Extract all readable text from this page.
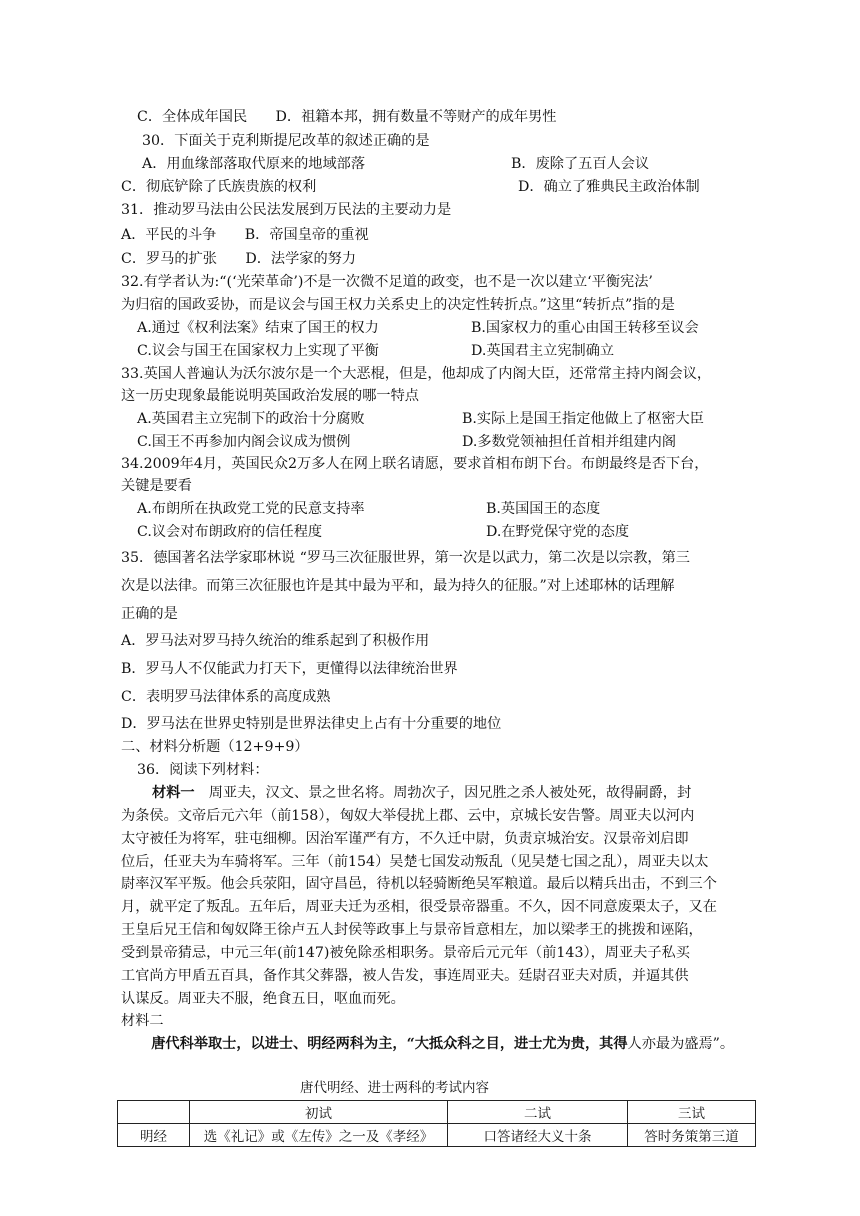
C．全体成年国民　　D．祖籍本邦，拥有数量不等财产的成年男性
30．下面关于克利斯提尼改革的叙述正确的是
A．用血缘部落取代原来的地域部落	B．废除了五百人会议
C．彻底铲除了氏族贵族的权利	D．确立了雅典民主政治体制
31．推动罗马法由公民法发展到万民法的主要动力是
A．平民的斗争　　B．帝国皇帝的重视
C．罗马的扩张　　D．法学家的努力
32.有学者认为:“(‘光荣革命’)不是一次微不足道的政变，也不是一次以建立‘平衡宪法’
为归宿的国政妥协，而是议会与国王权力关系史上的决定性转折点。”这里“转折点”指的是
A.通过《权利法案》结束了国王的权力	B.国家权力的重心由国王转移至议会
C.议会与国王在国家权力上实现了平衡	D.英国君主立宪制确立
33.英国人普遍认为沃尔波尔是一个大恶棍，但是，他却成了内阁大臣，还常常主持内阁会议，
这一历史现象最能说明英国政治发展的哪一特点
A.英国君主立宪制下的政治十分腐败	B.实际上是国王指定他做上了枢密大臣
C.国王不再参加内阁会议成为惯例	D.多数党领袖担任首相并组建内阁
34.2009年4月，英国民众2万多人在网上联名请愿，要求首相布朗下台。布朗最终是否下台，
关键是要看
A.布朗所在执政党工党的民意支持率	B.英国国王的态度
C.议会对布朗政府的信任程度	D.在野党保守党的态度
35．德国著名法学家耶林说 “罗马三次征服世界，第一次是以武力，第二次是以宗教，第三
次是以法律。而第三次征服也许是其中最为平和，最为持久的征服。”对上述耶林的话理解
正确的是
A．罗马法对罗马持久统治的维系起到了积极作用
B．罗马人不仅能武力打天下，更懂得以法律统治世界
C．表明罗马法律体系的高度成熟
D．罗马法在世界史特别是世界法律史上占有十分重要的地位
二、材料分析题（12+9+9）
36．阅读下列材料：
材料一　周亚夫，汉文、景之世名将。周勃次子，因兄胜之杀人被处死，故得嗣爵，封
为条侯。文帝后元六年（前158），匈奴大举侵扰上郡、云中，京城长安告警。周亚夫以河内
太守被任为将军，驻屯细柳。因治军谨严有方，不久迁中尉，负责京城治安。汉景帝刘启即
位后，任亚夫为车骑将军。三年（前154）吴楚七国发动叛乱（见吴楚七国之乱），周亚夫以太
尉率汉军平叛。他会兵荥阳，固守昌邑，待机以轻骑断绝吴军粮道。最后以精兵出击，不到三个
月，就平定了叛乱。五年后，周亚夫迁为丞相，很受景帝器重。不久，因不同意废栗太子，又在
王皇后兄王信和匈奴降王徐卢五人封侯等政事上与景帝旨意相左，加以梁孝王的挑拨和诬陷，
受到景帝猜忌，中元三年(前147)被免除丞相职务。景帝后元元年（前143），周亚夫子私买
工官尚方甲盾五百具，备作其父葬器，被人告发，事连周亚夫。廷尉召亚夫对质，并逼其供
认谋反。周亚夫不服，绝食五日，呕血而死。
材料二
　唐代科举取士，以进士、明经两科为主，“大抵众科之目，进士尤为贵，其得人亦最为盛焉”。
唐代明经、进士两科的考试内容
	初试	二试	三试
明经	选《礼记》或《左传》之一及《孝经》	口答诸经大义十条	答时务策第三道
